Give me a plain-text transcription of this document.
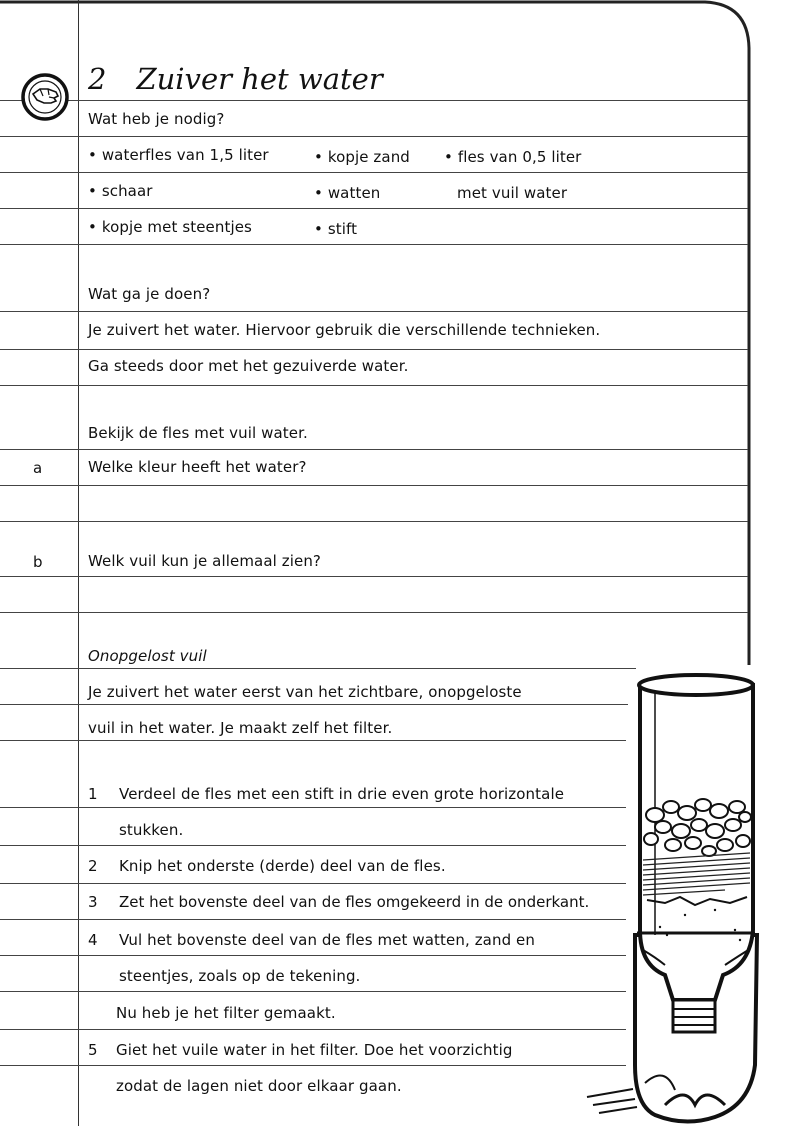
2 Zuiver het water
Wat heb je nodig?
• waterfles van 1,5 liter	• kopje zand • fles van 0,5 liter
• schaar	• watten	met vuil water
• kopje met steentjes	• stift
Wat ga je doen?
Je zuivert het water. Hiervoor gebruik die verschillende technieken.
Ga steeds door met het gezuiverde water.
Bekijk de fles met vuil water.
a	Welke kleur heeft het water?
b	Welk vuil kun je allemaal zien?
Onopgelost vuil
Je zuivert het water eerst van het zichtbare, onopgeloste
vuil in het water. Je maakt zelf het filter.
1 Verdeel de fles met een stift in drie even grote horizontale
stukken.
2 Knip het onderste (derde) deel van de fles.
3 Zet het bovenste deel van de fles omgekeerd in de onderkant.
4 Vul het bovenste deel van de fles met watten, zand en
steentjes, zoals op de tekening.
Nu heb je het filter gemaakt.
5 Giet het vuile water in het filter. Doe het voorzichtig
zodat de lagen niet door elkaar gaan.
